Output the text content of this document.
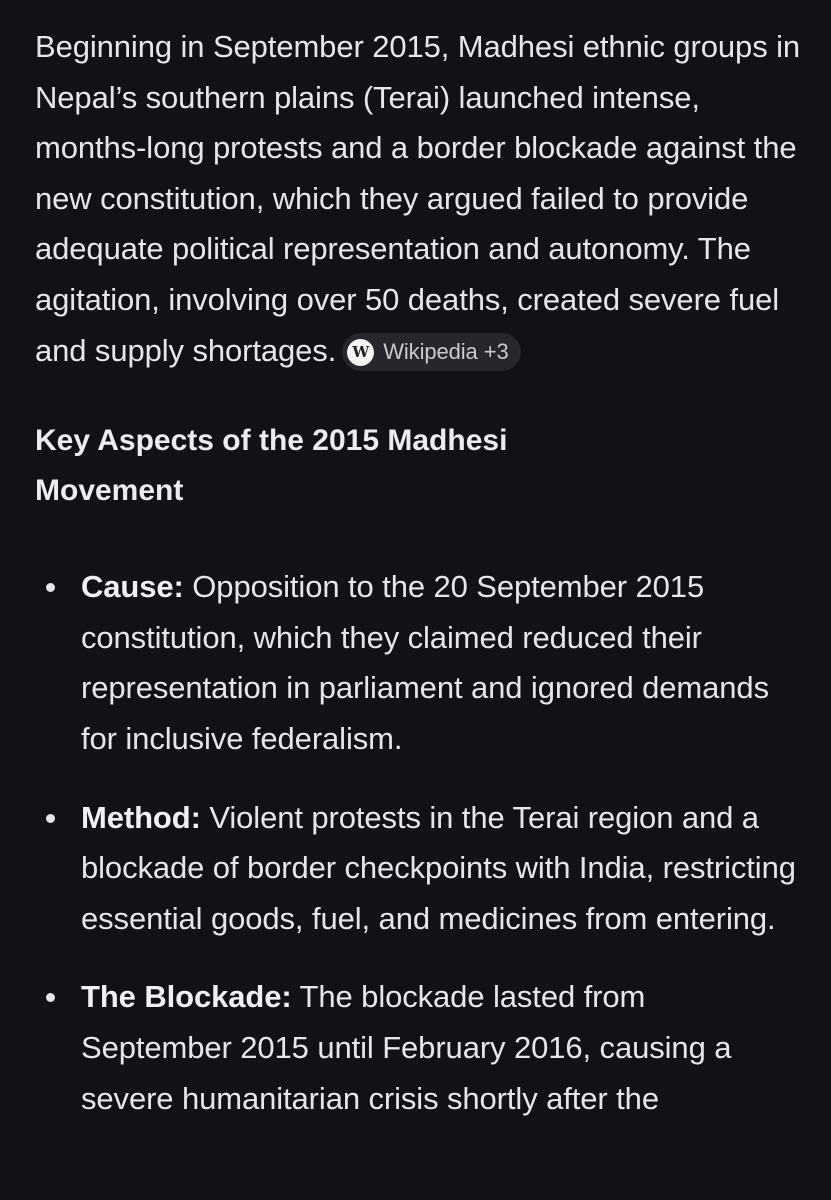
Beginning in September 2015, Madhesi ethnic groups in Nepal’s southern plains (Terai) launched intense, months-long protests and a border blockade against the new constitution, which they argued failed to provide adequate political representation and autonomy. The agitation, involving over 50 deaths, created severe fuel and supply shortages.	W Wikipedia +3

Key Aspects of the 2015 Madhesi Movement
Cause: Opposition to the 20 September 2015 constitution, which they claimed reduced their representation in parliament and ignored demands for inclusive federalism.
Method: Violent protests in the Terai region and a blockade of border checkpoints with India, restricting essential goods, fuel, and medicines from entering.
The Blockade: The blockade lasted from September 2015 until February 2016, causing a severe humanitarian crisis shortly after the
